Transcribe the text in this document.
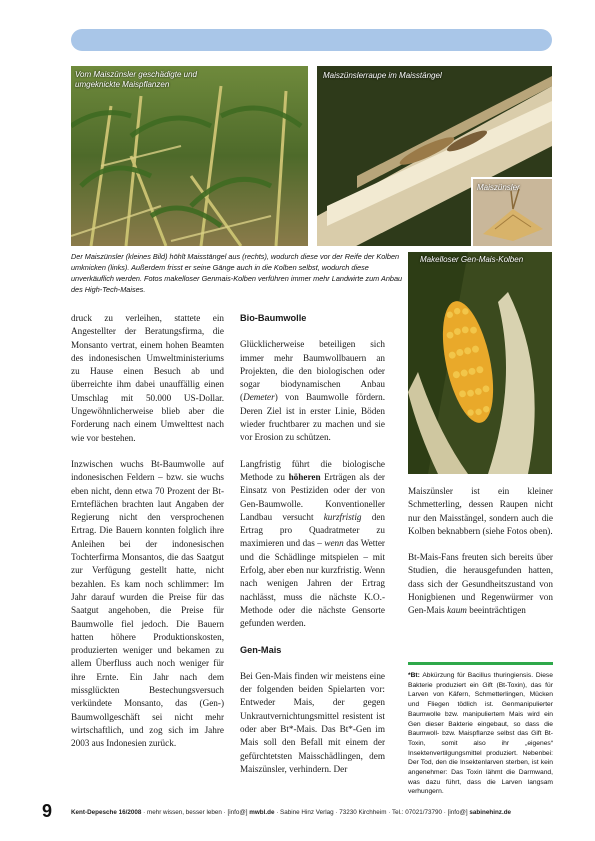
Vom Maiszünsler geschädigte und umgeknickte Maispflanzen
Maiszünslerraupe im Maisstängel
Maiszünsler
Der Maiszünsler (kleines Bild) höhlt Maisstängel aus (rechts), wodurch diese vor der Reife der Kolben umknicken (links). Außerdem frisst er seine Gänge auch in die Kolben selbst, wodurch diese unverkäuflich werden. Fotos makelloser Genmais-Kolben verführen immer mehr Landwirte zum Anbau des High-Tech-Maises.
Makelloser Gen-Mais-Kolben

druck zu verleihen, stattete ein Angestellter der Beratungsfirma, die Monsanto vertrat, einem hohen Beamten des indonesischen Umweltministeriums zu Hause einen Besuch ab und überreichte ihm dabei unauffällig einen Umschlag mit 50.000 US-Dollar. Ungewöhnlicherweise blieb aber die Forderung nach einem Umwelttest nach wie vor bestehen.

Inzwischen wuchs Bt-Baumwolle auf indonesischen Feldern – bzw. sie wuchs eben nicht, denn etwa 70 Prozent der Bt-Ernteflächen brachten laut Angaben der Regierung nicht den versprochenen Ertrag. Die Bauern konnten folglich ihre Anleihen bei der indonesischen Tochterfirma Monsantos, die das Saatgut zur Verfügung gestellt hatte, nicht bezahlen. Es kam noch schlimmer: Im Jahr darauf wurden die Preise für das Saatgut angehoben, die Preise für Baumwolle fiel jedoch. Die Bauern hatten höhere Produktionskosten, produzierten weniger und bekamen zu allem Überfluss auch noch weniger für ihre Ernte. Ein Jahr nach dem missglückten Bestechungsversuch verkündete Monsanto, das (Gen-) Baumwollgeschäft sei nicht mehr wirtschaftlich, und zog sich im Jahre 2003 aus Indonesien zurück.

Bio-Baumwolle

Glücklicherweise beteiligen sich immer mehr Baumwollbauern an Projekten, die den biologischen oder sogar biodynamischen Anbau (Demeter) von Baumwolle fördern. Deren Ziel ist in erster Linie, Böden wieder fruchtbarer zu machen und sie vor Erosion zu schützen.

Langfristig führt die biologische Methode zu höheren Erträgen als der Einsatz von Pestiziden oder der von Gen-Baumwolle. Konventioneller Landbau versucht kurzfristig den Ertrag pro Quadratmeter zu maximieren und das – wenn das Wetter und die Schädlinge mitspielen – mit Erfolg, aber eben nur kurzfristig. Wenn nach wenigen Jahren der Ertrag nachlässt, muss die nächste K.O.-Methode oder die nächste Gensorte gefunden werden.

Gen-Mais

Bei Gen-Mais finden wir meistens eine der folgenden beiden Spielarten vor: Entweder Mais, der gegen Unkrautvernichtungsmittel resistent ist oder aber Bt*-Mais. Das Bt*-Gen im Mais soll den Befall mit einem der gefürchtetsten Maisschädlingen, dem Maiszünsler, verhindern. Der

Maiszünsler ist ein kleiner Schmetterling, dessen Raupen nicht nur den Maisstängel, sondern auch die Kolben beknabbern (siehe Fotos oben).

Bt-Mais-Fans freuten sich bereits über Studien, die herausgefunden hatten, dass sich der Gesundheitszustand von Honigbienen und Regenwürmer von Gen-Mais kaum beeinträchtigen

*Bt: Abkürzung für Bacillus thuringiensis. Diese Bakterie produziert ein Gift (Bt-Toxin), das für Larven von Käfern, Schmetterlingen, Mücken und Fliegen tödlich ist. Genmanipulierter Baumwolle bzw. manipuliertem Mais wird ein Gen dieser Bakterie eingebaut, so dass die Baumwoll- bzw. Maispflanze selbst das Gift Bt-Toxin, somit also ihr „eigenes“ Insektenvertilgungsmittel produziert. Nebenbei: Der Tod, den die Insektenlarven sterben, ist kein angenehmer: Das Toxin lähmt die Darmwand, was dazu führt, dass die Larven langsam verhungern.
9	Kent-Depesche 16/2008 · mehr wissen, besser leben · [info@] mwbl.de · Sabine Hinz Verlag · 73230 Kirchheim · Tel.: 07021/73790 · [info@] sabinehinz.de
